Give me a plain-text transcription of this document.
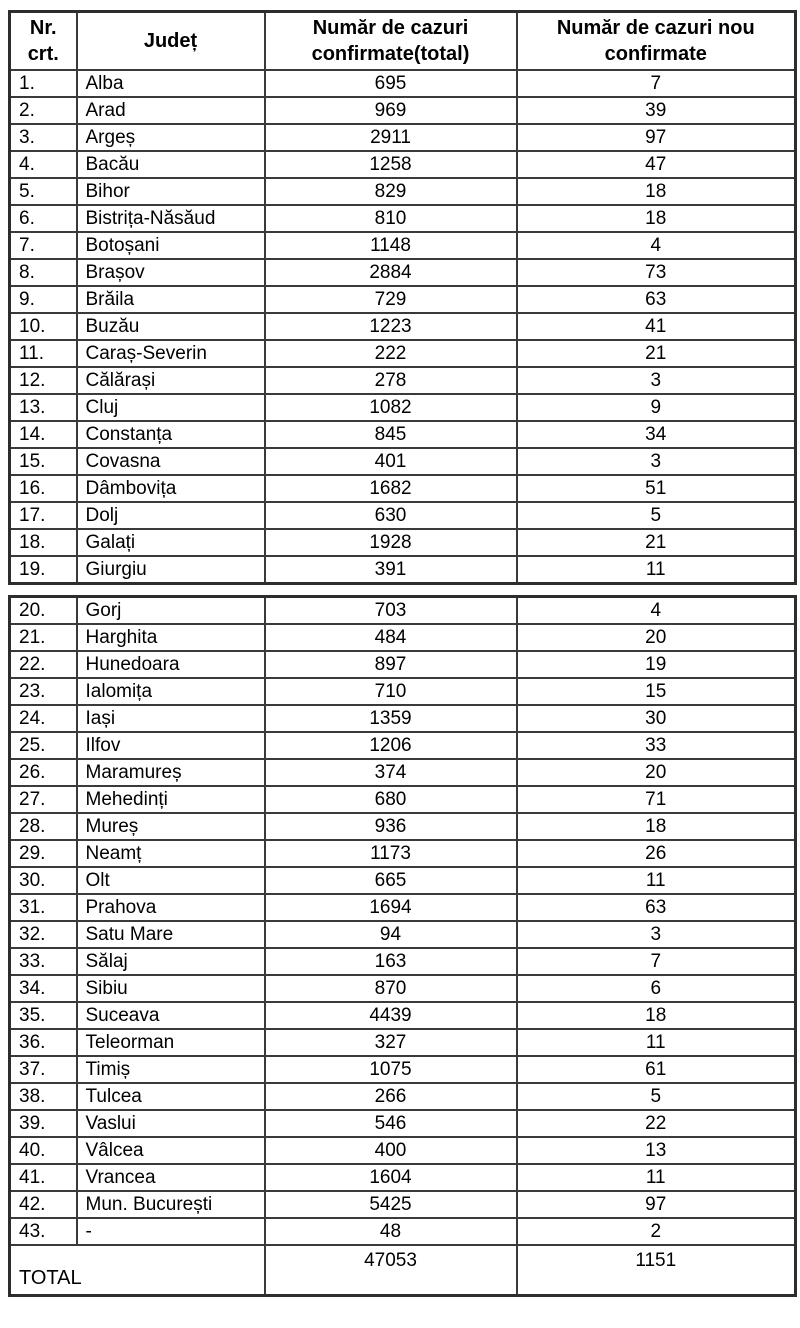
Nr. crt.	Județ	Număr de cazuri confirmate(total)	Număr de cazuri nou confirmate
1.	Alba	695	7
2.	Arad	969	39
3.	Argeș	2911	97
4.	Bacău	1258	47
5.	Bihor	829	18
6.	Bistrița-Năsăud	810	18
7.	Botoșani	1148	4
8.	Brașov	2884	73
9.	Brăila	729	63
10.	Buzău	1223	41
11.	Caraș-Severin	222	21
12.	Călărași	278	3
13.	Cluj	1082	9
14.	Constanța	845	34
15.	Covasna	401	3
16.	Dâmbovița	1682	51
17.	Dolj	630	5
18.	Galați	1928	21
19.	Giurgiu	391	11
20.	Gorj	703	4
21.	Harghita	484	20
22.	Hunedoara	897	19
23.	Ialomița	710	15
24.	Iași	1359	30
25.	Ilfov	1206	33
26.	Maramureș	374	20
27.	Mehedinți	680	71
28.	Mureș	936	18
29.	Neamț	1173	26
30.	Olt	665	11
31.	Prahova	1694	63
32.	Satu Mare	94	3
33.	Sălaj	163	7
34.	Sibiu	870	6
35.	Suceava	4439	18
36.	Teleorman	327	11
37.	Timiș	1075	61
38.	Tulcea	266	5
39.	Vaslui	546	22
40.	Vâlcea	400	13
41.	Vrancea	1604	11
42.	Mun. București	5425	97
43.	-	48	2
TOTAL		47053	1151
